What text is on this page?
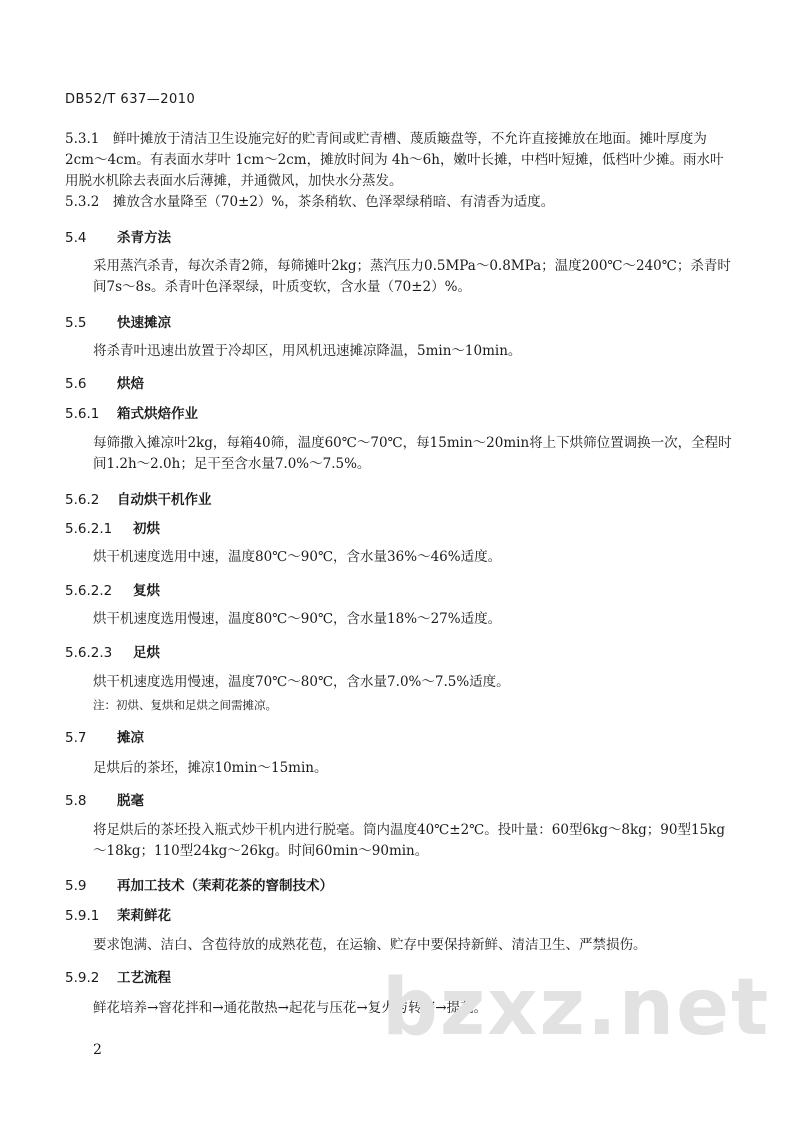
DB52/T 637—2010
5.3.1　鲜叶摊放于清洁卫生设施完好的贮青间或贮青槽、蔑质簸盘等，不允许直接摊放在地面。摊叶厚度为 2cm～4cm。有表面水芽叶 1cm～2cm，摊放时间为 4h～6h，嫩叶长摊，中档叶短摊，低档叶少摊。雨水叶用脱水机除去表面水后薄摊，并通微风，加快水分蒸发。
5.3.2　摊放含水量降至（70±2）%，茶条稍软、色泽翠绿稍暗、有清香为适度。
5.4 杀青方法
采用蒸汽杀青，每次杀青2筛，每筛摊叶2kg；蒸汽压力0.5MPa～0.8MPa；温度200℃～240℃；杀青时间7s～8s。杀青叶色泽翠绿，叶质变软，含水量（70±2）%。
5.5 快速摊凉
将杀青叶迅速出放置于冷却区，用风机迅速摊凉降温，5min～10min。
5.6 烘焙
5.6.1 箱式烘焙作业
每筛撒入摊凉叶2kg，每箱40筛，温度60℃～70℃，每15min～20min将上下烘筛位置调换一次，全程时间1.2h～2.0h；足干至含水量7.0%～7.5%。
5.6.2 自动烘干机作业
5.6.2.1 初烘
烘干机速度选用中速，温度80℃～90℃，含水量36%～46%适度。
5.6.2.2 复烘
烘干机速度选用慢速，温度80℃～90℃，含水量18%～27%适度。
5.6.2.3 足烘
烘干机速度选用慢速，温度70℃～80℃，含水量7.0%～7.5%适度。
注：初烘、复烘和足烘之间需摊凉。
5.7 摊凉
足烘后的茶坯，摊凉10min～15min。
5.8 脱毫
将足烘后的茶坯投入瓶式炒干机内进行脱毫。筒内温度40℃±2℃。投叶量：60型6kg～8kg；90型15kg～18kg；110型24kg～26kg。时间60min～90min。
5.9 再加工技术（茉莉花茶的窨制技术）
5.9.1 茉莉鲜花
要求饱满、洁白、含苞待放的成熟花苞，在运输、贮存中要保持新鲜、清洁卫生、严禁损伤。
5.9.2 工艺流程
鲜花培养→窨花拌和→通花散热→起花与压花→复火与转窨→提花。
bzxz.net
2
